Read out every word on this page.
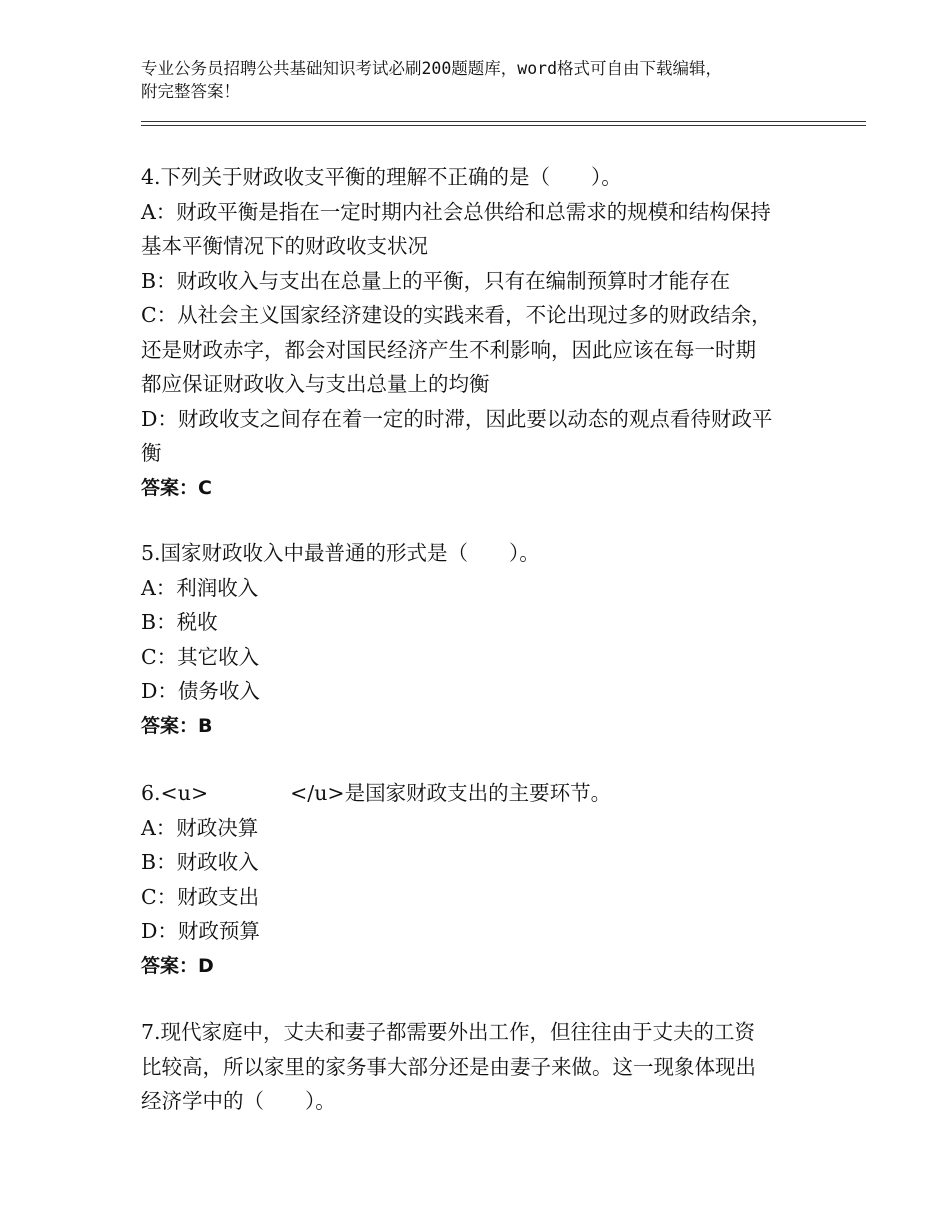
专业公务员招聘公共基础知识考试必刷200题题库，word格式可自由下载编辑，
附完整答案！

4.下列关于财政收支平衡的理解不正确的是（　　）。

A：财政平衡是指在一定时期内社会总供给和总需求的规模和结构保持

基本平衡情况下的财政收支状况

B：财政收入与支出在总量上的平衡，只有在编制预算时才能存在

C：从社会主义国家经济建设的实践来看，不论出现过多的财政结余，

还是财政赤字，都会对国民经济产生不利影响，因此应该在每一时期

都应保证财政收入与支出总量上的均衡

D：财政收支之间存在着一定的时滞，因此要以动态的观点看待财政平

衡

答案：C

5.国家财政收入中最普通的形式是（　　）。

A：利润收入

B：税收

C：其它收入

D：债务收入

答案：B

6.<u>	</u>是国家财政支出的主要环节。

A：财政决算

B：财政收入

C：财政支出

D：财政预算

答案：D

7.现代家庭中，丈夫和妻子都需要外出工作，但往往由于丈夫的工资

比较高，所以家里的家务事大部分还是由妻子来做。这一现象体现出

经济学中的（　　）。
